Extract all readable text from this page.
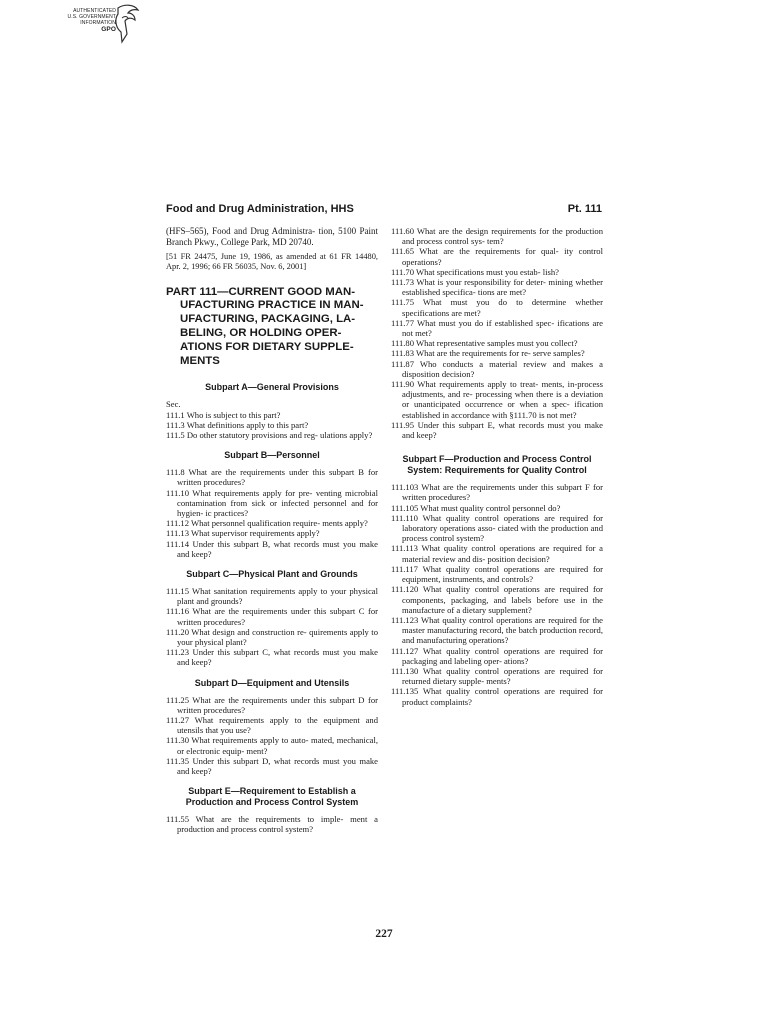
AUTHENTICATED
U.S. GOVERNMENT
INFORMATION
GPO
Food and Drug Administration, HHS	Pt. 111

(HFS–565), Food and Drug Administra- tion, 5100 Paint Branch Pkwy., College Park, MD 20740.

[51 FR 24475, June 19, 1986, as amended at 61 FR 14480, Apr. 2, 1996; 66 FR 56035, Nov. 6, 2001]

PART 111—CURRENT GOOD MAN-
UFACTURING PRACTICE IN MAN-
UFACTURING, PACKAGING, LA-
BELING, OR HOLDING OPER-
ATIONS FOR DIETARY SUPPLE-
MENTS
Subpart A—General Provisions

Sec.

111.1 Who is subject to this part?

111.3 What definitions apply to this part?

111.5 Do other statutory provisions and reg- ulations apply?

Subpart B—Personnel

111.8 What are the requirements under this subpart B for written procedures?

111.10 What requirements apply for pre- venting microbial contamination from sick or infected personnel and for hygien- ic practices?

111.12 What personnel qualification require- ments apply?

111.13 What supervisor requirements apply?

111.14 Under this subpart B, what records must you make and keep?

Subpart C—Physical Plant and Grounds

111.15 What sanitation requirements apply to your physical plant and grounds?

111.16 What are the requirements under this subpart C for written procedures?

111.20 What design and construction re- quirements apply to your physical plant?

111.23 Under this subpart C, what records must you make and keep?

Subpart D—Equipment and Utensils

111.25 What are the requirements under this subpart D for written procedures?

111.27 What requirements apply to the equipment and utensils that you use?

111.30 What requirements apply to auto- mated, mechanical, or electronic equip- ment?

111.35 Under this subpart D, what records must you make and keep?

Subpart E—Requirement to Establish a
Production and Process Control System

111.55 What are the requirements to imple- ment a production and process control system?

111.60 What are the design requirements for the production and process control sys- tem?

111.65 What are the requirements for qual- ity control operations?

111.70 What specifications must you estab- lish?

111.73 What is your responsibility for deter- mining whether established specifica- tions are met?

111.75 What must you do to determine whether specifications are met?

111.77 What must you do if established spec- ifications are not met?

111.80 What representative samples must you collect?

111.83 What are the requirements for re- serve samples?

111.87 Who conducts a material review and makes a disposition decision?

111.90 What requirements apply to treat- ments, in-process adjustments, and re- processing when there is a deviation or unanticipated occurrence or when a spec- ification established in accordance with §111.70 is not met?

111.95 Under this subpart E, what records must you make and keep?

Subpart F—Production and Process Control
System: Requirements for Quality Control

111.103 What are the requirements under this subpart F for written procedures?

111.105 What must quality control personnel do?

111.110 What quality control operations are required for laboratory operations asso- ciated with the production and process control system?

111.113 What quality control operations are required for a material review and dis- position decision?

111.117 What quality control operations are required for equipment, instruments, and controls?

111.120 What quality control operations are required for components, packaging, and labels before use in the manufacture of a dietary supplement?

111.123 What quality control operations are required for the master manufacturing record, the batch production record, and manufacturing operations?

111.127 What quality control operations are required for packaging and labeling oper- ations?

111.130 What quality control operations are required for returned dietary supple- ments?

111.135 What quality control operations are required for product complaints?

227
